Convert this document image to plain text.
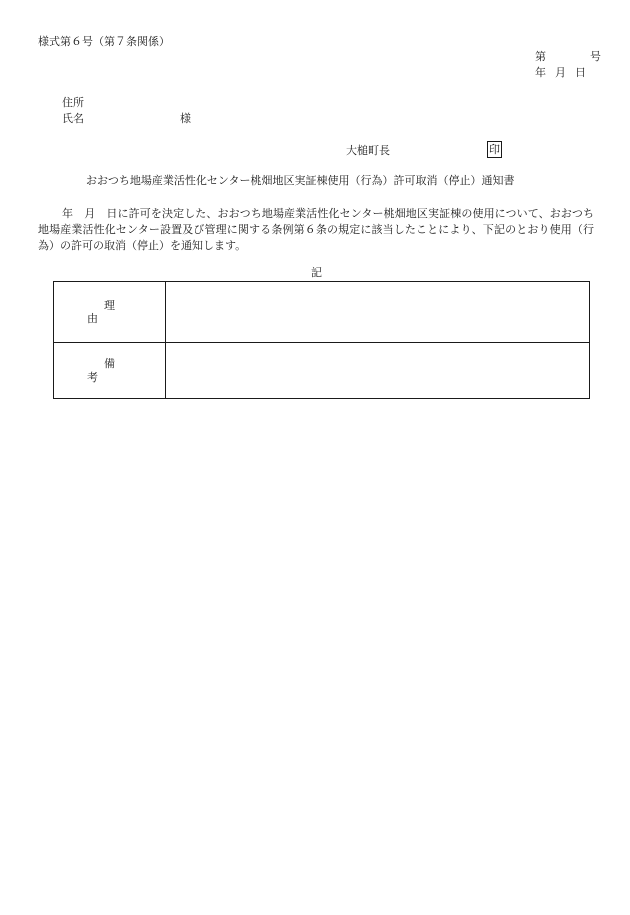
様式第６号（第７条関係）
第	号
年 月 日
住所
氏名	様
大槌町長	印
おおつち地場産業活性化センター桃畑地区実証棟使用（行為）許可取消（停止）通知書
年　月　日に許可を決定した、おおつち地場産業活性化センター桃畑地区実証棟の使用について、おおつち地場産業活性化センター設置及び管理に関する条例第６条の規定に該当したことにより、下記のとおり使用（行為）の許可の取消（停止）を通知します。
記
理由	
備考	
